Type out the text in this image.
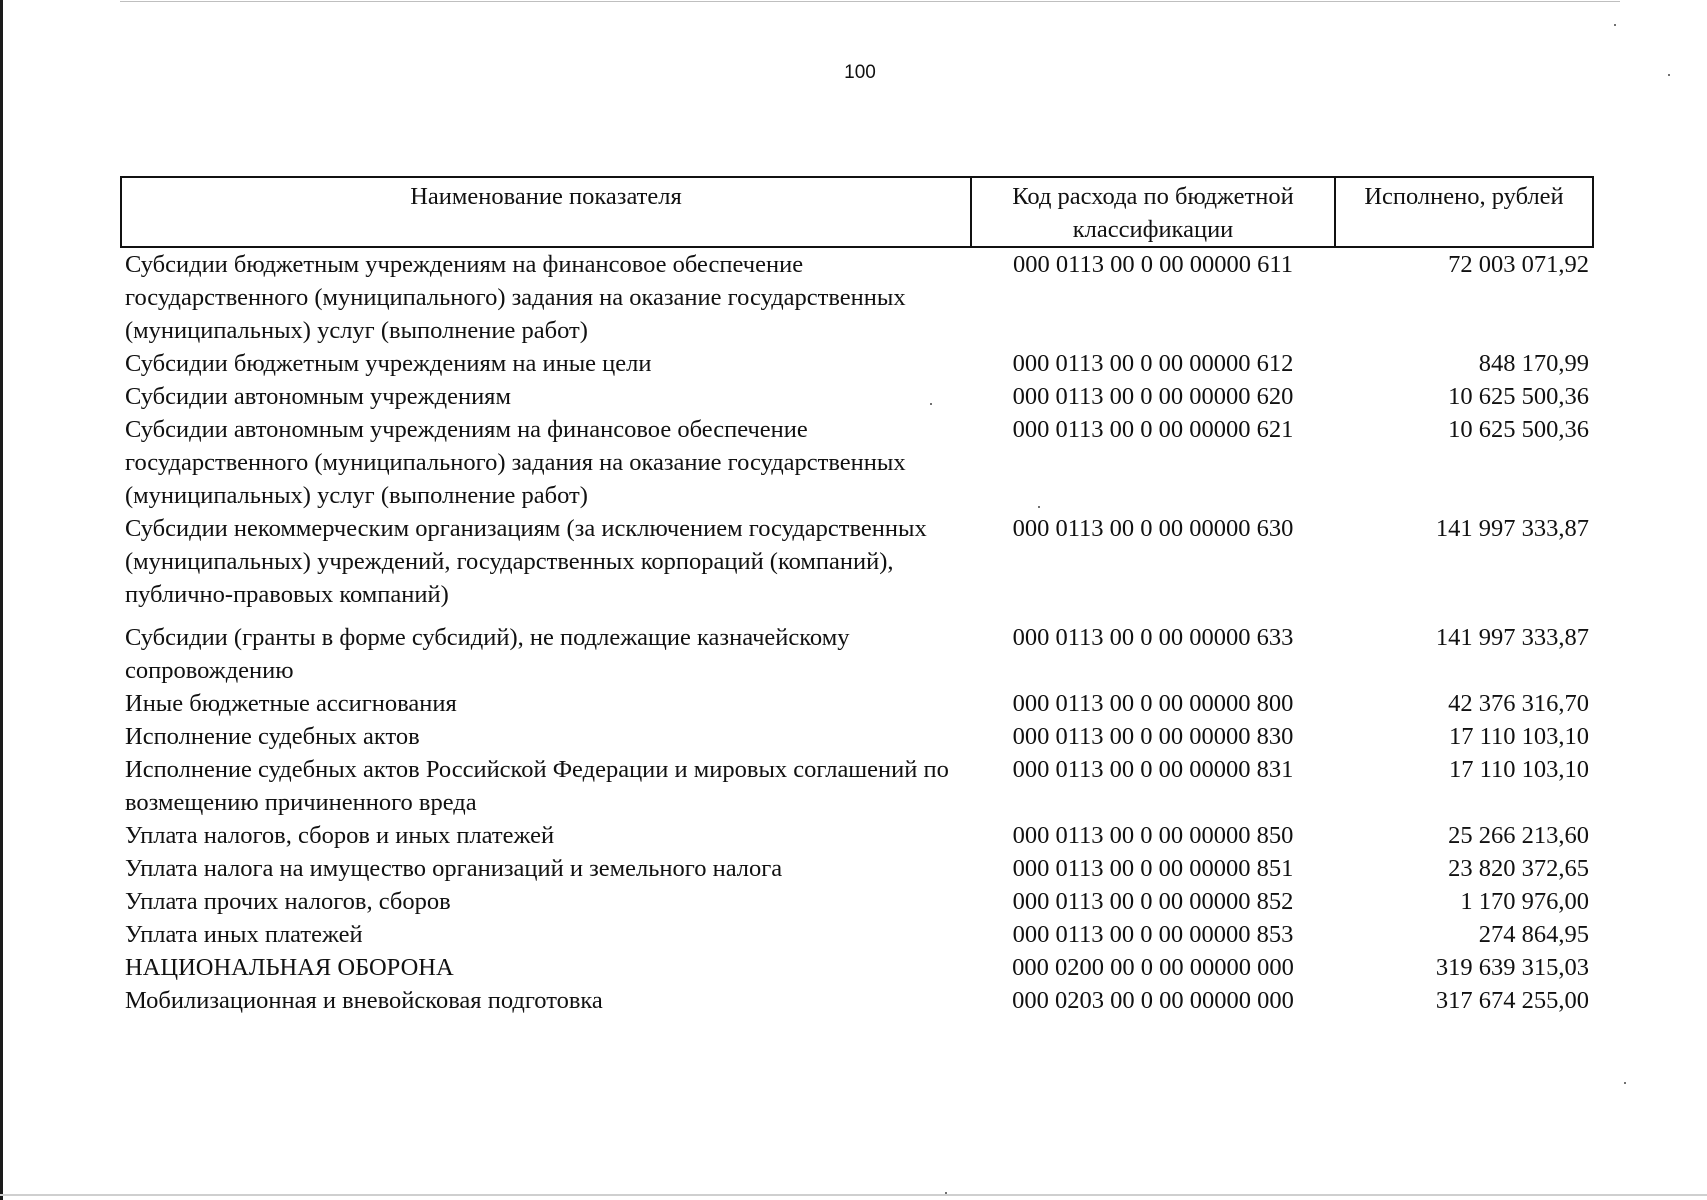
100
Наименование показателя	Код расхода по бюджетной классификации	Исполнено, рублей
Субсидии бюджетным учреждениям на финансовое обеспечение государственного (муниципального) задания на оказание государственных (муниципальных) услуг (выполнение работ)	000 0113 00 0 00 00000 611	72 003 071,92
Субсидии бюджетным учреждениям на иные цели	000 0113 00 0 00 00000 612	848 170,99
Субсидии автономным учреждениям	000 0113 00 0 00 00000 620	10 625 500,36
Субсидии автономным учреждениям на финансовое обеспечение государственного (муниципального) задания на оказание государственных (муниципальных) услуг (выполнение работ)	000 0113 00 0 00 00000 621	10 625 500,36
Субсидии некоммерческим организациям (за исключением государственных (муниципальных) учреждений, государственных корпораций (компаний), публично-правовых компаний)	000 0113 00 0 00 00000 630	141 997 333,87
Субсидии (гранты в форме субсидий), не подлежащие казначейскому сопровождению	000 0113 00 0 00 00000 633	141 997 333,87
Иные бюджетные ассигнования	000 0113 00 0 00 00000 800	42 376 316,70
Исполнение судебных актов	000 0113 00 0 00 00000 830	17 110 103,10
Исполнение судебных актов Российской Федерации и мировых соглашений по возмещению причиненного вреда	000 0113 00 0 00 00000 831	17 110 103,10
Уплата налогов, сборов и иных платежей	000 0113 00 0 00 00000 850	25 266 213,60
Уплата налога на имущество организаций и земельного налога	000 0113 00 0 00 00000 851	23 820 372,65
Уплата прочих налогов, сборов	000 0113 00 0 00 00000 852	1 170 976,00
Уплата иных платежей	000 0113 00 0 00 00000 853	274 864,95
НАЦИОНАЛЬНАЯ ОБОРОНА	000 0200 00 0 00 00000 000	319 639 315,03
Мобилизационная и вневойсковая подготовка	000 0203 00 0 00 00000 000	317 674 255,00
